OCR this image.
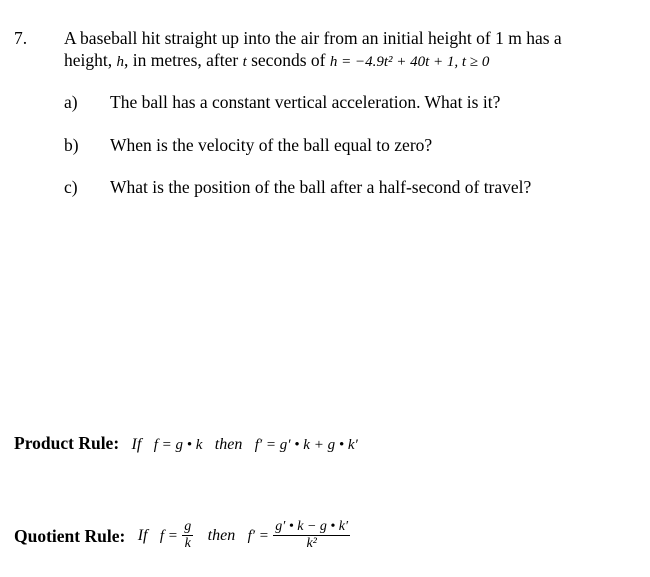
7. A baseball hit straight up into the air from an initial height of 1 m has a
height, h, in metres, after t seconds of h = −4.9t² + 40t + 1, t ≥ 0
a) The ball has a constant vertical acceleration. What is it?
b) When is the velocity of the ball equal to zero?
c) What is the position of the ball after a half-second of travel?
Product Rule: If f = g • k then f′ = g′ • k + g • k′
Quotient Rule: If $f = \frac{g}{k}$ then $f' = \frac{g' • k - g • k'}{\text{k²}}$
